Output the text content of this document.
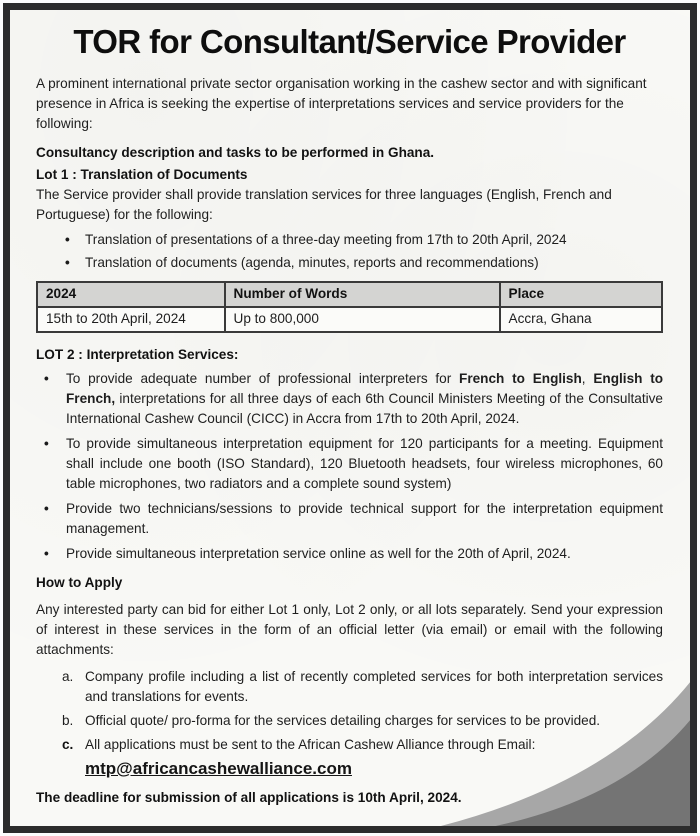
TOR for Consultant/Service Provider

A prominent international private sector organisation working in the cashew sector and with significant presence in Africa is seeking the expertise of interpretations services and service providers for the following:

Consultancy description and tasks to be performed in Ghana.

Lot 1 : Translation of Documents

The Service provider shall provide translation services for three languages (English, French and Portuguese) for the following:

• Translation of presentations of a three-day meeting from 17th to 20th April, 2024
• Translation of documents (agenda, minutes, reports and recommendations)
2024	Number of Words	Place
15th to 20th April, 2024	Up to 800,000	Accra, Ghana

LOT 2 : Interpretation Services:

• To provide adequate number of professional interpreters for French to English, English to French, interpretations for all three days of each 6th Council Ministers Meeting of the Consultative International Cashew Council (CICC) in Accra from 17th to 20th April, 2024.
• To provide simultaneous interpretation equipment for 120 participants for a meeting. Equipment shall include one booth (ISO Standard), 120 Bluetooth headsets, four wireless microphones, 60 table microphones, two radiators and a complete sound system)
• Provide two technicians/sessions to provide technical support for the interpretation equipment management.
• Provide simultaneous interpretation service online as well for the 20th of April, 2024.

How to Apply

Any interested party can bid for either Lot 1 only, Lot 2 only, or all lots separately. Send your expression of interest in these services in the form of an official letter (via email) or email with the following attachments:

a. Company profile including a list of recently completed services for both interpretation services and translations for events.
b. Official quote/ pro-forma for the services detailing charges for services to be provided.
c. All applications must be sent to the African Cashew Alliance through Email:
mtp@africancashewalliance.com

The deadline for submission of all applications is 10th April, 2024.
